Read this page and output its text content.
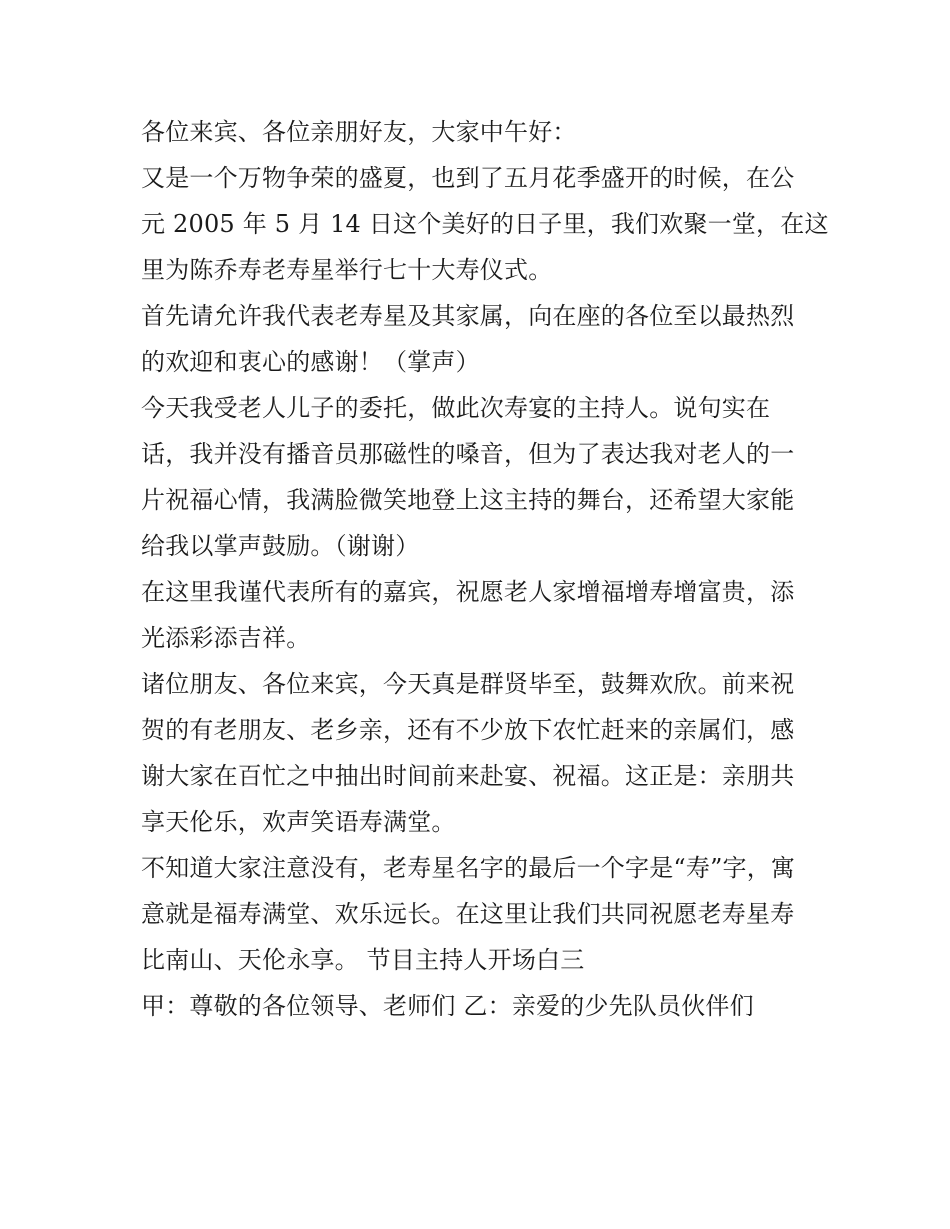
各位来宾、各位亲朋好友，大家中午好：
又是一个万物争荣的盛夏，也到了五月花季盛开的时候，在公
元 2005 年 5 月 14 日这个美好的日子里，我们欢聚一堂，在这
里为陈乔寿老寿星举行七十大寿仪式。
首先请允许我代表老寿星及其家属，向在座的各位至以最热烈
的欢迎和衷心的感谢！（掌声）
今天我受老人儿子的委托，做此次寿宴的主持人。说句实在
话，我并没有播音员那磁性的嗓音，但为了表达我对老人的一
片祝福心情，我满脸微笑地登上这主持的舞台，还希望大家能
给我以掌声鼓励。（谢谢）
在这里我谨代表所有的嘉宾，祝愿老人家增福增寿增富贵，添
光添彩添吉祥。
诸位朋友、各位来宾，今天真是群贤毕至，鼓舞欢欣。前来祝
贺的有老朋友、老乡亲，还有不少放下农忙赶来的亲属们，感
谢大家在百忙之中抽出时间前来赴宴、祝福。这正是：亲朋共
享天伦乐，欢声笑语寿满堂。
不知道大家注意没有，老寿星名字的最后一个字是“寿”字，寓
意就是福寿满堂、欢乐远长。在这里让我们共同祝愿老寿星寿
比南山、天伦永享。 节目主持人开场白三
甲：尊敬的各位领导、老师们 乙：亲爱的少先队员伙伴们
